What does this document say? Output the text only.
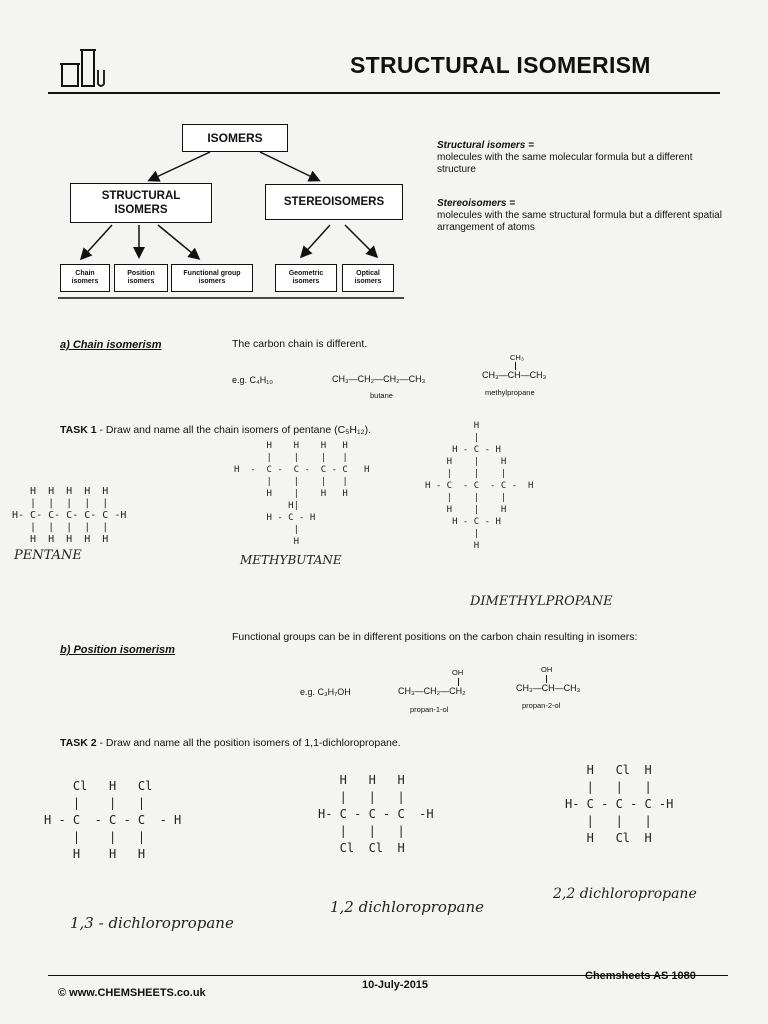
STRUCTURAL ISOMERISM
ISOMERS
STRUCTURAL
ISOMERS
STEREOISOMERS
Chain
isomers
Position
isomers
Functional group
isomers
Geometric
isomers
Optical
isomers
Structural isomers =
molecules with the same molecular formula but a different structure
Stereoisomers =
molecules with the same structural formula but a different spatial arrangement of atoms
a) Chain isomerism	The carbon chain is different.
e.g. C₄H₁₀	CH₃—CH₂—CH₂—CH₃
butane
CH₃
CH₃—CH—CH₃
methylpropane
TASK 1 - Draw and name all the chain isomers of pentane (C₅H₁₂).
H  H  H  H  H
|  |  |  |  |
H- C- C- C- C- C -H
|  |  |  |  |
H  H  H  H  H
PENTANE
H    H    H   H
|    |    |   |
H  -  C -  C -  C - C   H
|    |    |   |
H    |    H   H
H|
H - C - H
|
H
METHYBUTANE
H
|
H - C - H
H    |    H
|    |    |
H - C  - C  - C -  H
|    |    |
H    |    H
H - C - H
|
H
DIMETHYLPROPANE
b) Position isomerism
Functional groups can be in different positions on the carbon chain resulting in isomers:
e.g. C₃H₇OH
OH
CH₃—CH₂—CH₂
propan-1-ol
OH
CH₃—CH—CH₃
propan-2-ol
TASK 2 - Draw and name all the position isomers of 1,1-dichloropropane.
Cl   H   Cl
|    |   |
H - C  - C - C  - H
|    |   |
H    H   H
1,3 - dichloropropane
H   H   H
|   |   |
H- C - C - C  -H
|   |   |
Cl  Cl  H
1,2 dichloropropane
H   Cl  H
|   |   |
H- C - C - C -H
|   |   |
H   Cl  H
2,2 dichloropropane
© www.CHEMSHEETS.co.uk
10-July-2015
Chemsheets AS 1080
